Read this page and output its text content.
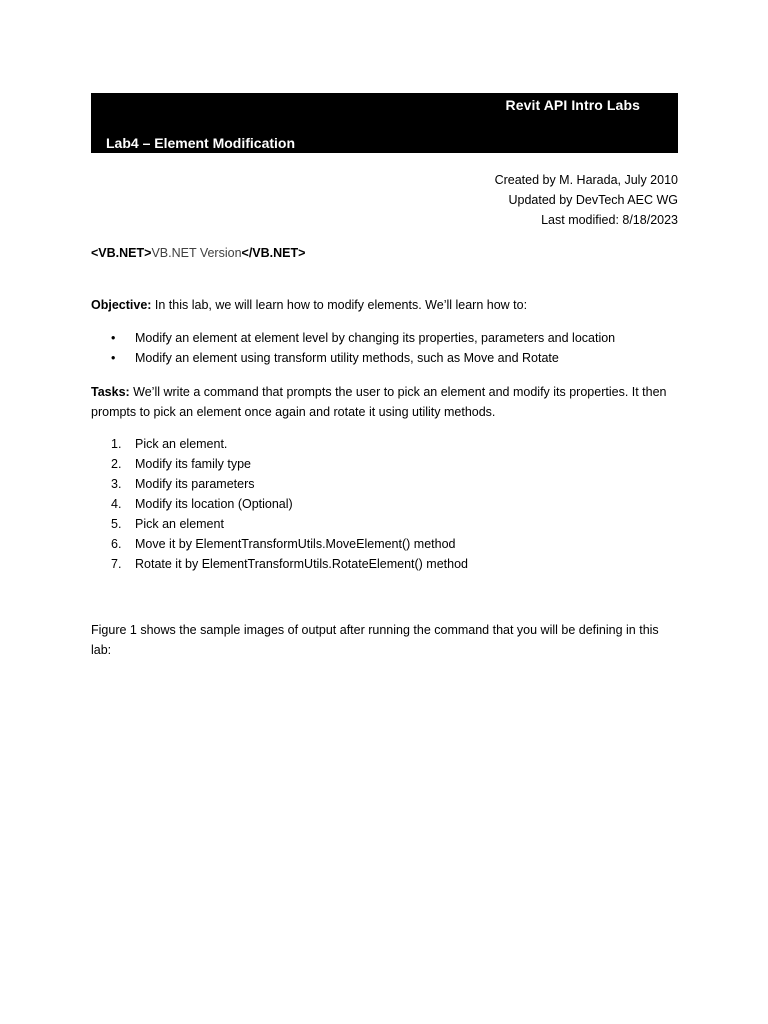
Revit API Intro Labs
Lab4 – Element Modification
Created by M. Harada, July 2010
Updated by DevTech AEC WG
Last modified: 8/18/2023
<VB.NET>VB.NET Version</VB.NET>
Objective: In this lab, we will learn how to modify elements. We’ll learn how to:
• Modify an element at element level by changing its properties, parameters and location
• Modify an element using transform utility methods, such as Move and Rotate
Tasks: We’ll write a command that prompts the user to pick an element and modify its properties. It then prompts to pick an element once again and rotate it using utility methods.
1. Pick an element.
2. Modify its family type
3. Modify its parameters
4. Modify its location (Optional)
5. Pick an element
6. Move it by ElementTransformUtils.MoveElement() method
7. Rotate it by ElementTransformUtils.RotateElement() method
Figure 1 shows the sample images of output after running the command that you will be defining in this lab:
